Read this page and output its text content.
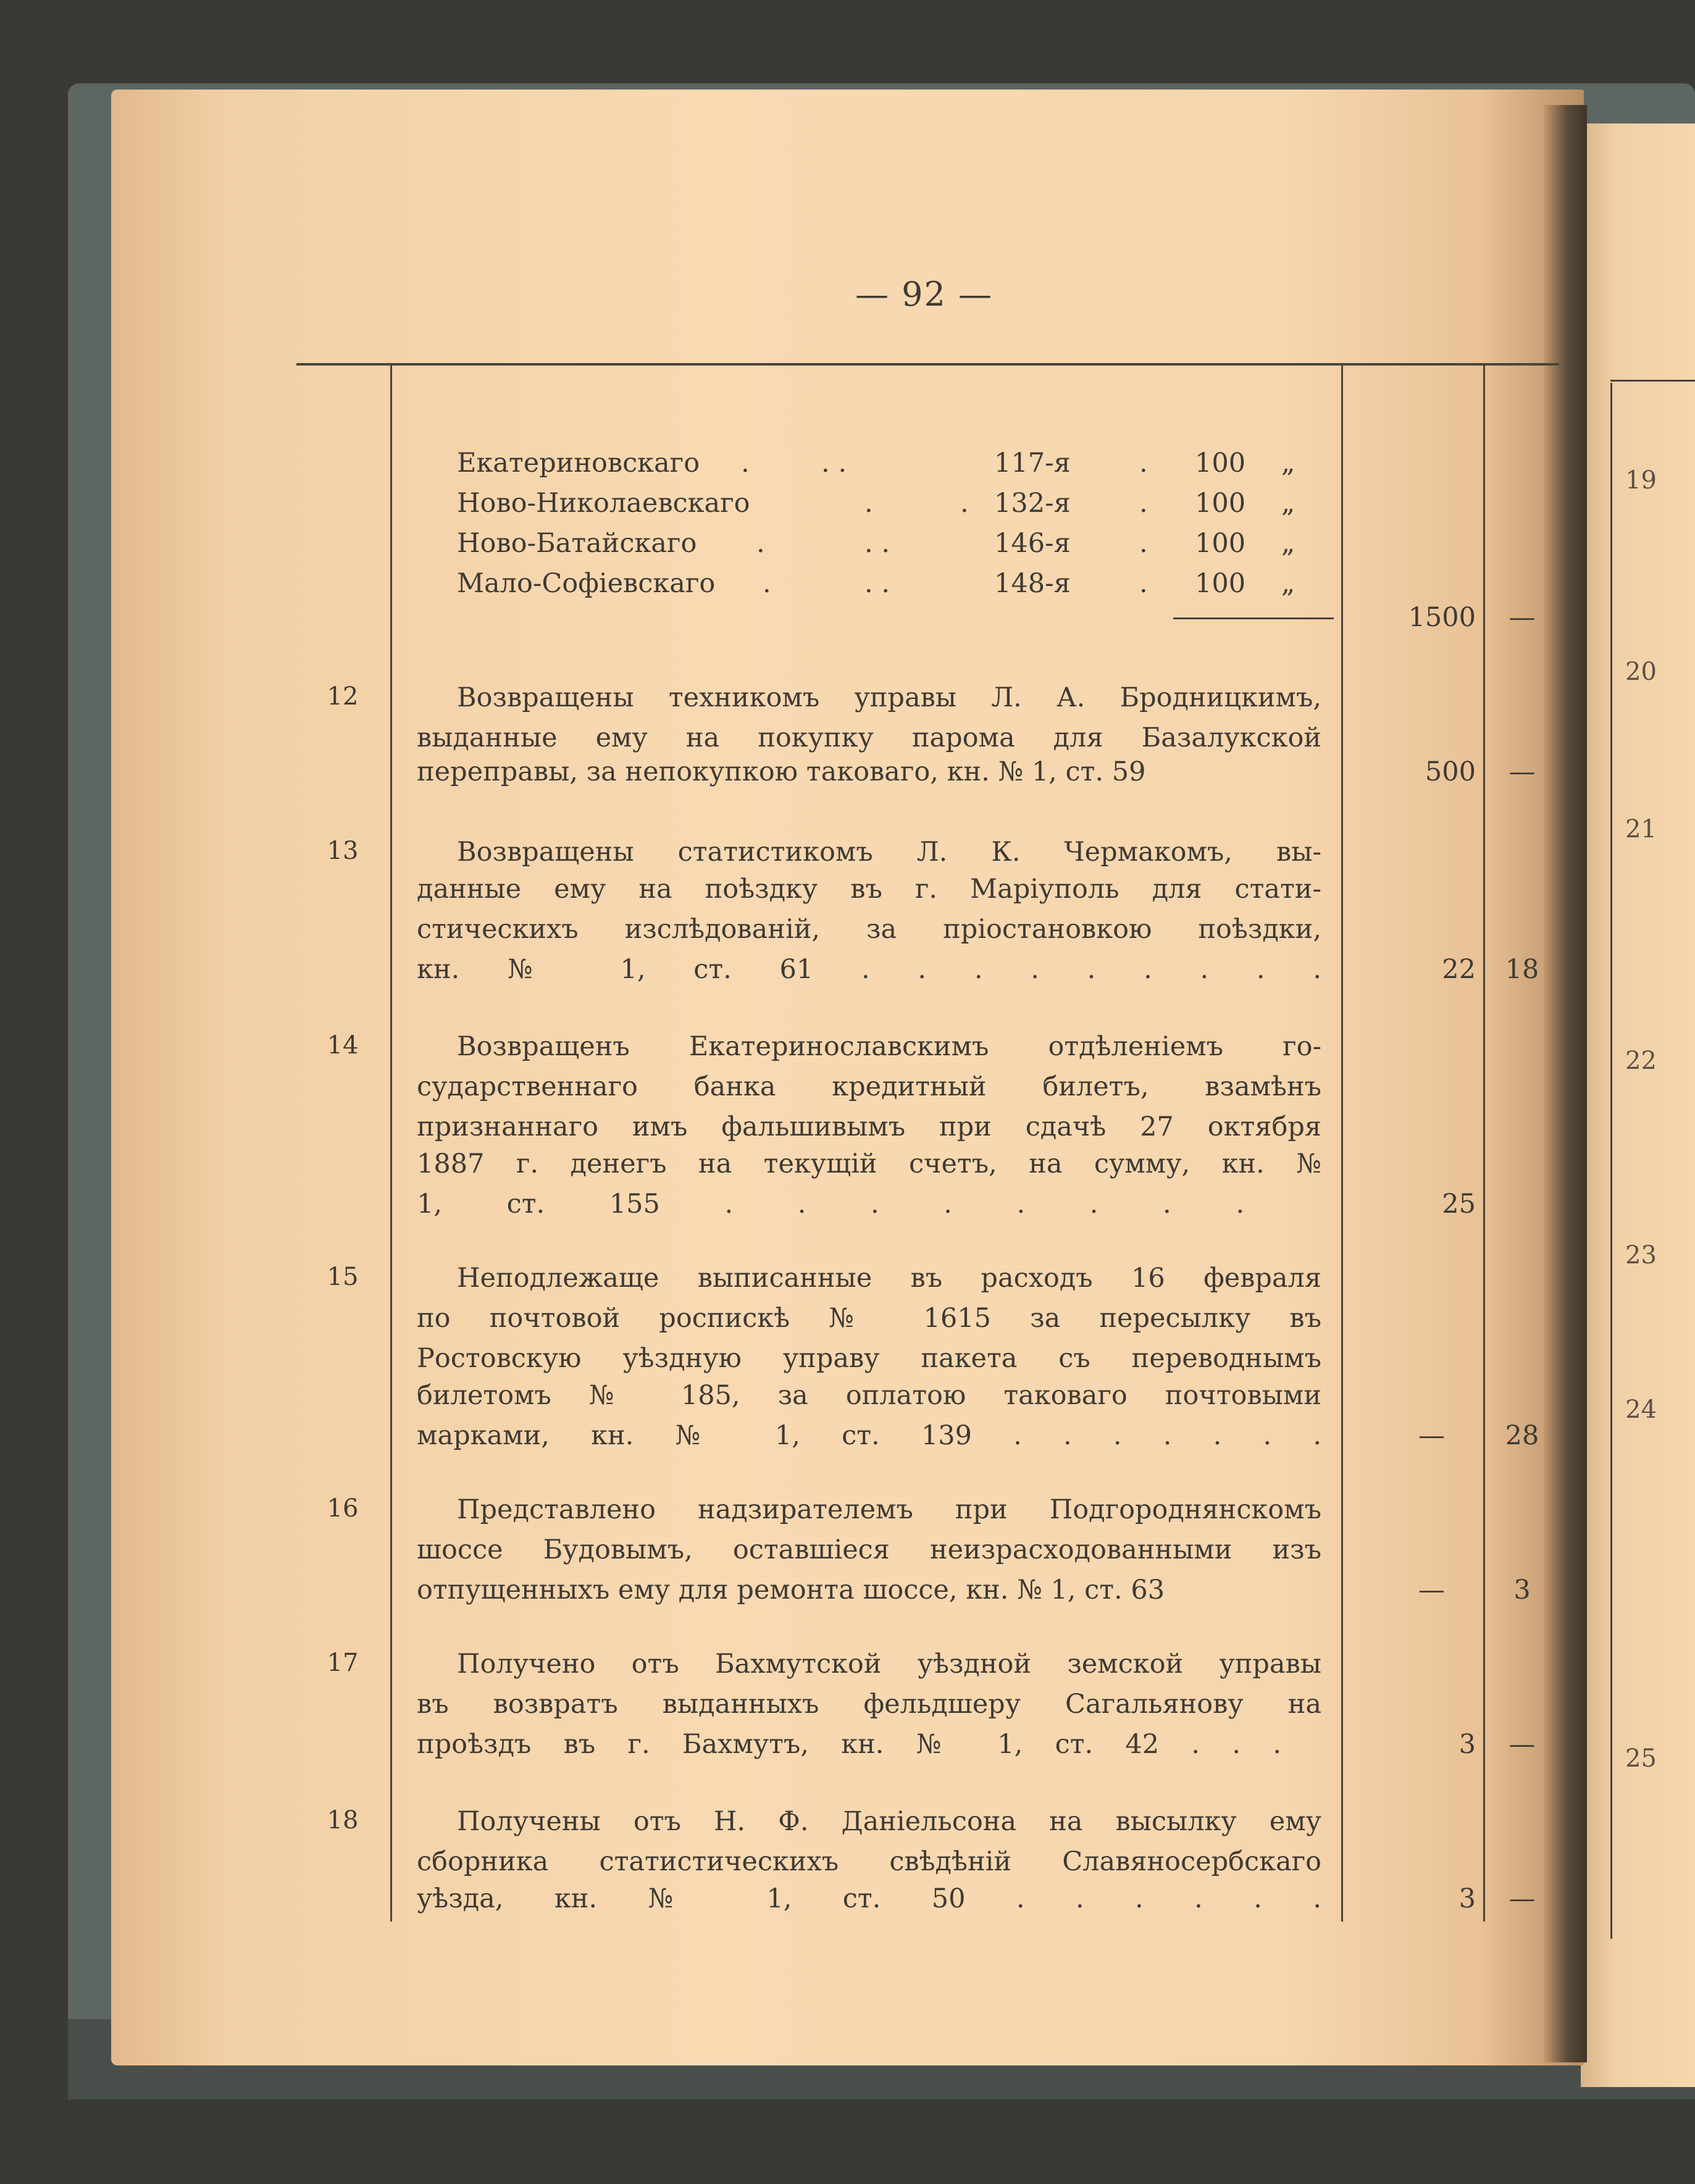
— 92 —
Екатериновскаго .	. .	117-я	. 100 „
Ново-Николаевскаго	.	. 132-я	. 100 „
Ново-Батайскаго .	. .	146-я	. 100 „
Мало-Софіевскаго .	. .	148-я	. 100 „
1500	—
12	Возвращены техникомъ управы Л. А. Бродницкимъ,
выданные ему на покупку парома для Базалукской
переправы, за непокупкою таковаго, кн. № 1, ст. 59	500	—
13	Возвращены статистикомъ Л. К. Чермакомъ, вы-
данные ему на поѣздку въ г. Маріуполь для стати-
стическихъ изслѣдованій, за пріостановкою поѣздки,
кн. № 1, ст. 61 . . . . . . . . .	22	18
14	Возвращенъ Екатеринославскимъ отдѣленіемъ го-
сударственнаго банка кредитный билетъ, взамѣнъ
признаннаго имъ фальшивымъ при сдачѣ 27 октября
1887 г. денегъ на текущій счетъ, на сумму, кн. №
1, ст. 155 . . . . . . . .	25
15	Неподлежаще выписанные въ расходъ 16 февраля
по почтовой роспискѣ № 1615 за пересылку въ
Ростовскую уѣздную управу пакета съ переводнымъ
билетомъ № 185, за оплатою таковаго почтовыми
марками, кн. № 1, ст. 139 . . . . . . .	—	28
16	Представлено надзирателемъ при Подгороднянскомъ
шоссе Будовымъ, оставшіеся неизрасходованными изъ
отпущенныхъ ему для ремонта шоссе, кн. № 1, ст. 63	—	3
17	Получено отъ Бахмутской уѣздной земской управы
въ возвратъ выданныхъ фельдшеру Сагальянову на
проѣздъ въ г. Бахмутъ, кн. № 1, ст. 42 . . .	3	—
18	Получены отъ Н. Ф. Даніельсона на высылку ему
сборника статистическихъ свѣдѣній Славяносербскаго
уѣзда, кн. № 1, ст. 50 . . . . . .	3	—
19
20
21
22
23
24
25
